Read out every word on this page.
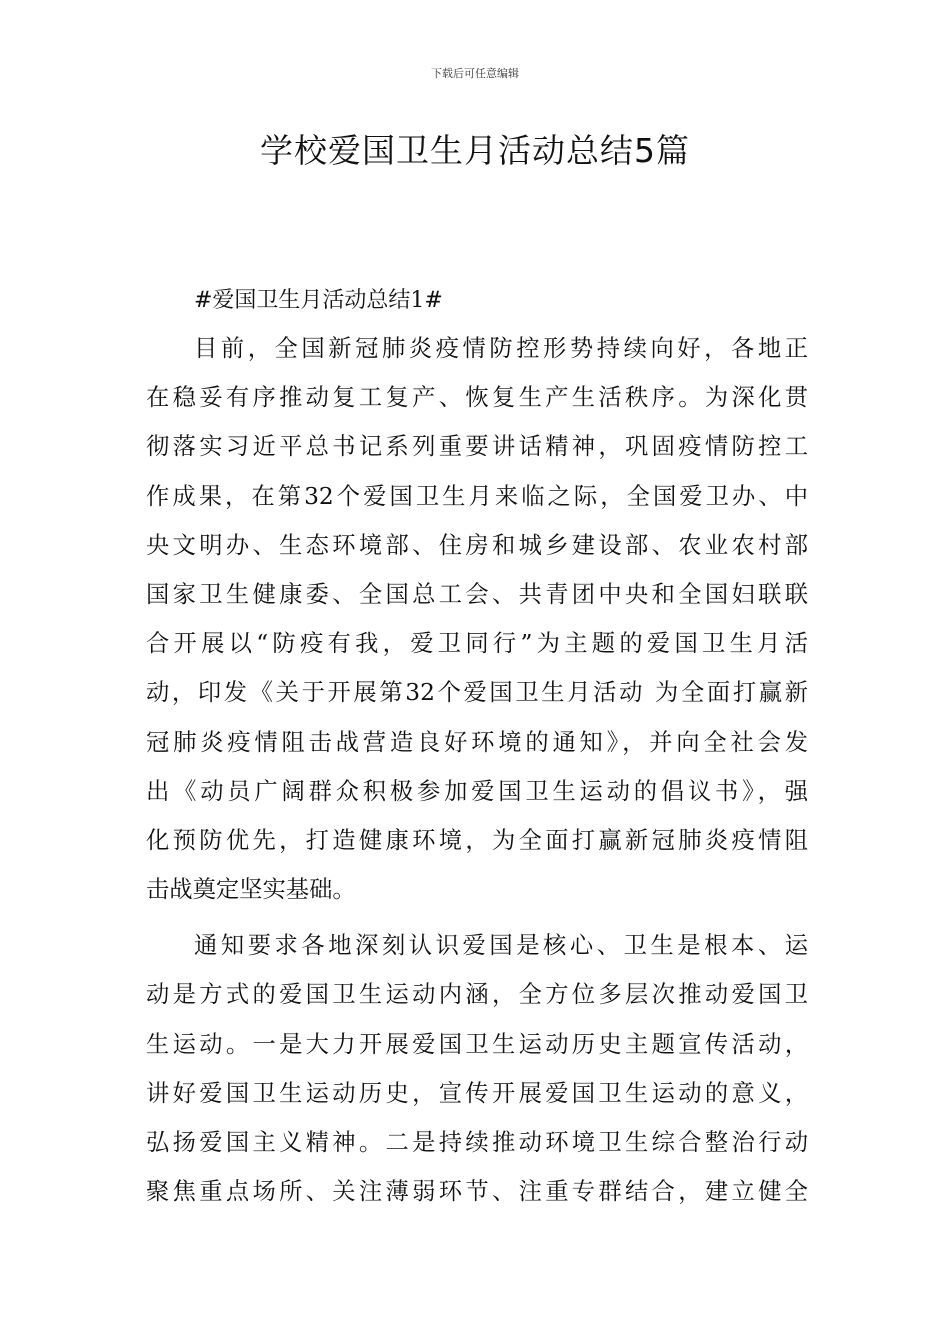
下载后可任意编辑
学校爱国卫生月活动总结5篇

#爱国卫生月活动总结1#

目前，全国新冠肺炎疫情防控形势持续向好，各地正
在稳妥有序推动复工复产、恢复生产生活秩序。为深化贯
彻落实习近平总书记系列重要讲话精神，巩固疫情防控工
作成果，在第32个爱国卫生月来临之际，全国爱卫办、中
央文明办、生态环境部、住房和城乡建设部、农业农村部
国家卫生健康委、全国总工会、共青团中央和全国妇联联
合开展以“防疫有我，爱卫同行”为主题的爱国卫生月活
动，印发《关于开展第32个爱国卫生月活动 为全面打赢新
冠肺炎疫情阻击战营造良好环境的通知》，并向全社会发
出《动员广阔群众积极参加爱国卫生运动的倡议书》，强
化预防优先，打造健康环境，为全面打赢新冠肺炎疫情阻
击战奠定坚实基础。
通知要求各地深刻认识爱国是核心、卫生是根本、运
动是方式的爱国卫生运动内涵，全方位多层次推动爱国卫
生运动。一是大力开展爱国卫生运动历史主题宣传活动，
讲好爱国卫生运动历史，宣传开展爱国卫生运动的意义，
弘扬爱国主义精神。二是持续推动环境卫生综合整治行动
聚焦重点场所、关注薄弱环节、注重专群结合，建立健全
